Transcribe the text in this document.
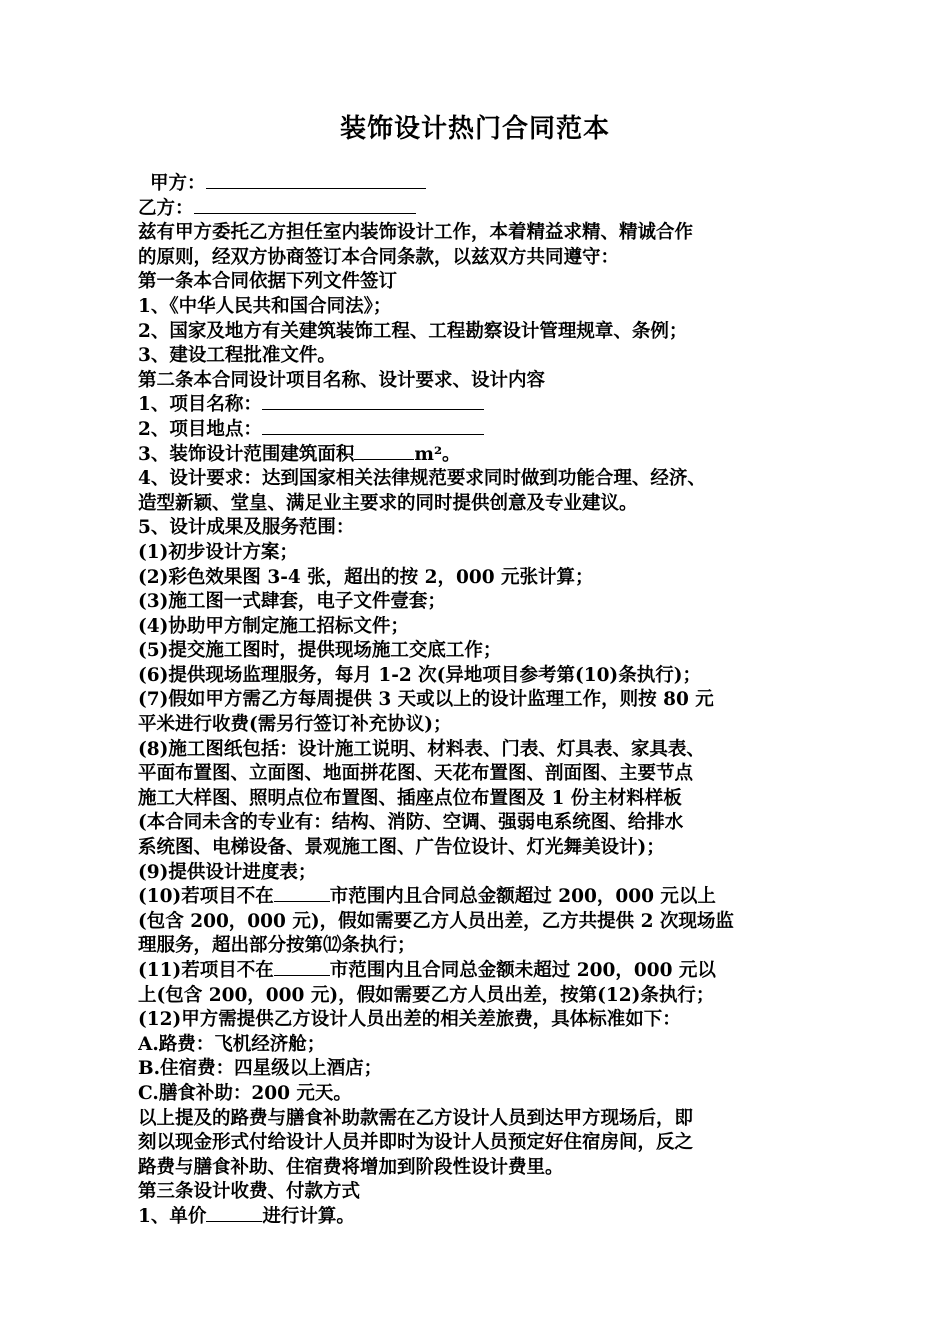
装饰设计热门合同范本
甲方：
乙方：
兹有甲方委托乙方担任室内装饰设计工作，本着精益求精、精诚合作
的原则，经双方协商签订本合同条款，以兹双方共同遵守：
第一条本合同依据下列文件签订
1、《中华人民共和国合同法》；
2、国家及地方有关建筑装饰工程、工程勘察设计管理规章、条例；
3、建设工程批准文件。
第二条本合同设计项目名称、设计要求、设计内容
1、项目名称：
2、项目地点：
3、装饰设计范围建筑面积	m²。
4、设计要求：达到国家相关法律规范要求同时做到功能合理、经济、
造型新颖、堂皇、满足业主要求的同时提供创意及专业建议。
5、设计成果及服务范围：
(1)初步设计方案；
(2)彩色效果图 3-4 张，超出的按 2，000 元张计算；
(3)施工图一式肆套，电子文件壹套；
(4)协助甲方制定施工招标文件；
(5)提交施工图时，提供现场施工交底工作；
(6)提供现场监理服务，每月 1-2 次(异地项目参考第(10)条执行)；
(7)假如甲方需乙方每周提供 3 天或以上的设计监理工作，则按 80 元
平米进行收费(需另行签订补充协议)；
(8)施工图纸包括：设计施工说明、材料表、门表、灯具表、家具表、
平面布置图、立面图、地面拼花图、天花布置图、剖面图、主要节点
施工大样图、照明点位布置图、插座点位布置图及 1 份主材料样板
(本合同未含的专业有：结构、消防、空调、强弱电系统图、给排水
系统图、电梯设备、景观施工图、广告位设计、灯光舞美设计)；
(9)提供设计进度表；
(10)若项目不在	市范围内且合同总金额超过 200，000 元以上
(包含 200，000 元)，假如需要乙方人员出差，乙方共提供 2 次现场监
理服务，超出部分按第⑿条执行；
(11)若项目不在	市范围内且合同总金额未超过 200，000 元以
上(包含 200，000 元)，假如需要乙方人员出差，按第(12)条执行；
(12)甲方需提供乙方设计人员出差的相关差旅费，具体标准如下：
A.路费：飞机经济舱；
B.住宿费：四星级以上酒店；
C.膳食补助：200 元天。
以上提及的路费与膳食补助款需在乙方设计人员到达甲方现场后，即
刻以现金形式付给设计人员并即时为设计人员预定好住宿房间，反之
路费与膳食补助、住宿费将增加到阶段性设计费里。
第三条设计收费、付款方式
1、单价	进行计算。
